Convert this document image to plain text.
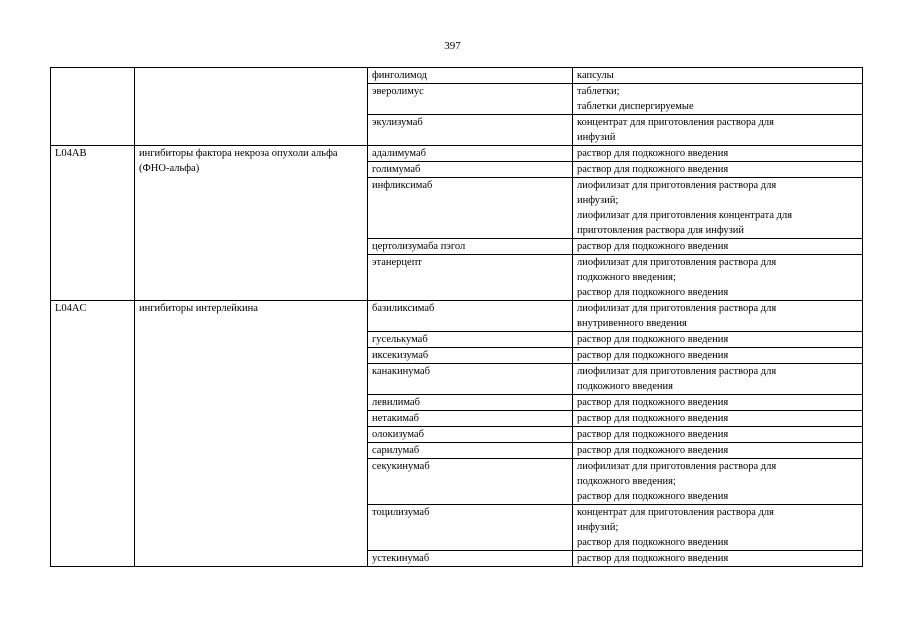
397
		финголимод	капсулы

		эверолимус	таблетки;
таблетки диспергируемые

		экулизумаб	концентрат для приготовления раствора для
инфузий

L04AB	ингибиторы фактора некроза опухоли альфа (ФНО-альфа)	адалимумаб	раствор для подкожного введения

		голимумаб	раствор для подкожного введения

		инфликсимаб	лиофилизат для приготовления раствора для
инфузий;
лиофилизат для приготовления концентрата для
приготовления раствора для инфузий

		цертолизумаба пэгол	раствор для подкожного введения

		этанерцепт	лиофилизат для приготовления раствора для
подкожного введения;
раствор для подкожного введения

L04AC	ингибиторы интерлейкина	базиликсимаб	лиофилизат для приготовления раствора для
внутривенного введения

		гуселькумаб	раствор для подкожного введения

		иксекизумаб	раствор для подкожного введения

		канакинумаб	лиофилизат для приготовления раствора для
подкожного введения

		левилимаб	раствор для подкожного введения

		нетакимаб	раствор для подкожного введения

		олокизумаб	раствор для подкожного введения

		сарилумаб	раствор для подкожного введения

		секукинумаб	лиофилизат для приготовления раствора для
подкожного введения;
раствор для подкожного введения

		тоцилизумаб	концентрат для приготовления раствора для
инфузий;
раствор для подкожного введения

		устекинумаб	раствор для подкожного введения
